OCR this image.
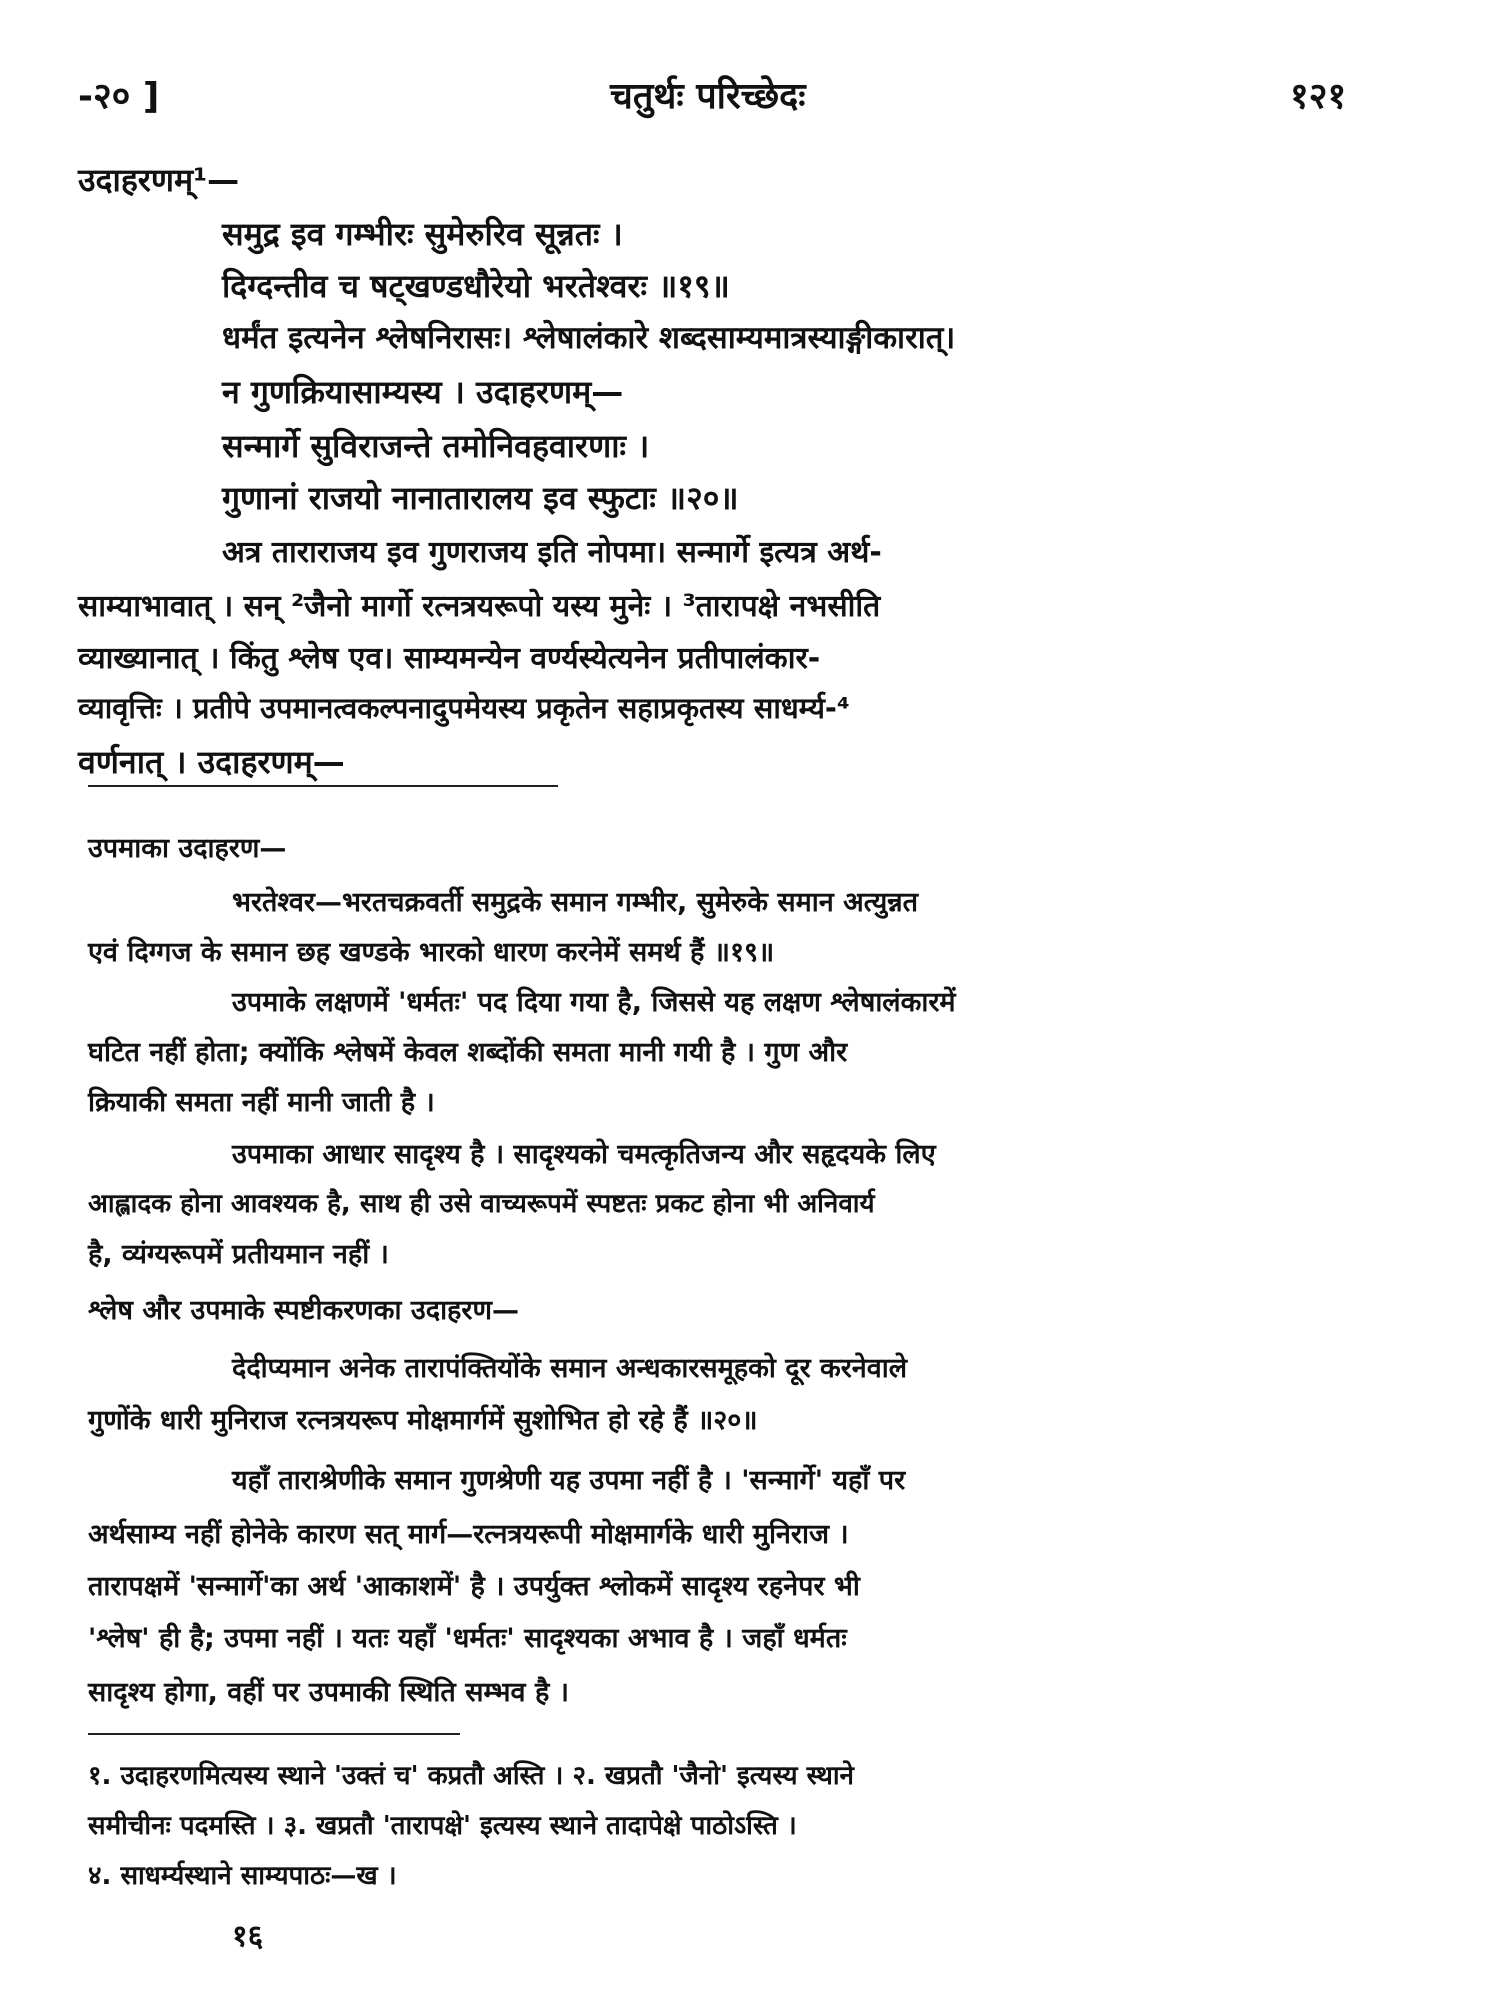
-२० ]	चतुर्थः परिच्छेदः	१२१
उदाहरणम्¹—
समुद्र इव गम्भीरः सुमेरुरिव सून्नतः ।
दिग्दन्तीव च षट्खण्डधौरेयो भरतेश्वरः ॥१९॥
धर्मंत इत्यनेन श्लेषनिरासः। श्लेषालंकारे शब्दसाम्यमात्रस्याङ्गीकारात्।
न गुणक्रियासाम्यस्य । उदाहरणम्—
सन्मार्गे सुविराजन्ते तमोनिवहवारणाः ।
गुणानां राजयो नानातारालय इव स्फुटाः ॥२०॥
अत्र ताराराजय इव गुणराजय इति नोपमा। सन्मार्गे इत्यत्र अर्थ-
साम्याभावात् । सन् ²जैनो मार्गो रत्नत्रयरूपो यस्य मुनेः । ³तारापक्षे नभसीति
व्याख्यानात् । किंतु श्लेष एव। साम्यमन्येन वर्ण्यस्येत्यनेन प्रतीपालंकार-
व्यावृत्तिः । प्रतीपे उपमानत्वकल्पनादुपमेयस्य प्रकृतेन सहाप्रकृतस्य साधर्म्य-⁴
वर्णनात् । उदाहरणम्—
उपमाका उदाहरण—
भरतेश्वर—भरतचक्रवर्ती समुद्रके समान गम्भीर, सुमेरुके समान अत्युन्नत
एवं दिग्गज के समान छह खण्डके भारको धारण करनेमें समर्थ हैं ॥१९॥
उपमाके लक्षणमें 'धर्मतः' पद दिया गया है, जिससे यह लक्षण श्लेषालंकारमें
घटित नहीं होता; क्योंकि श्लेषमें केवल शब्दोंकी समता मानी गयी है । गुण और
क्रियाकी समता नहीं मानी जाती है ।
उपमाका आधार सादृश्य है । सादृश्यको चमत्कृतिजन्य और सहृदयके लिए
आह्लादक होना आवश्यक है, साथ ही उसे वाच्यरूपमें स्पष्टतः प्रकट होना भी अनिवार्य
है, व्यंग्यरूपमें प्रतीयमान नहीं ।
श्लेष और उपमाके स्पष्टीकरणका उदाहरण—
देदीप्यमान अनेक तारापंक्तियोंके समान अन्धकारसमूहको दूर करनेवाले
गुणोंके धारी मुनिराज रत्नत्रयरूप मोक्षमार्गमें सुशोभित हो रहे हैं ॥२०॥
यहाँ ताराश्रेणीके समान गुणश्रेणी यह उपमा नहीं है । 'सन्मार्गे' यहाँ पर
अर्थसाम्य नहीं होनेके कारण सत् मार्ग—रत्नत्रयरूपी मोक्षमार्गके धारी मुनिराज ।
तारापक्षमें 'सन्मार्गे'का अर्थ 'आकाशमें' है । उपर्युक्त श्लोकमें सादृश्य रहनेपर भी
'श्लेष' ही है; उपमा नहीं । यतः यहाँ 'धर्मतः' सादृश्यका अभाव है । जहाँ धर्मतः
सादृश्य होगा, वहीं पर उपमाकी स्थिति सम्भव है ।
१. उदाहरणमित्यस्य स्थाने 'उक्तं च' कप्रतौ अस्ति । २. खप्रतौ 'जैनो' इत्यस्य स्थाने
समीचीनः पदमस्ति । ३. खप्रतौ 'तारापक्षे' इत्यस्य स्थाने तादापेक्षे पाठोऽस्ति ।
४. साधर्म्यस्थाने साम्यपाठः—ख ।
१६
